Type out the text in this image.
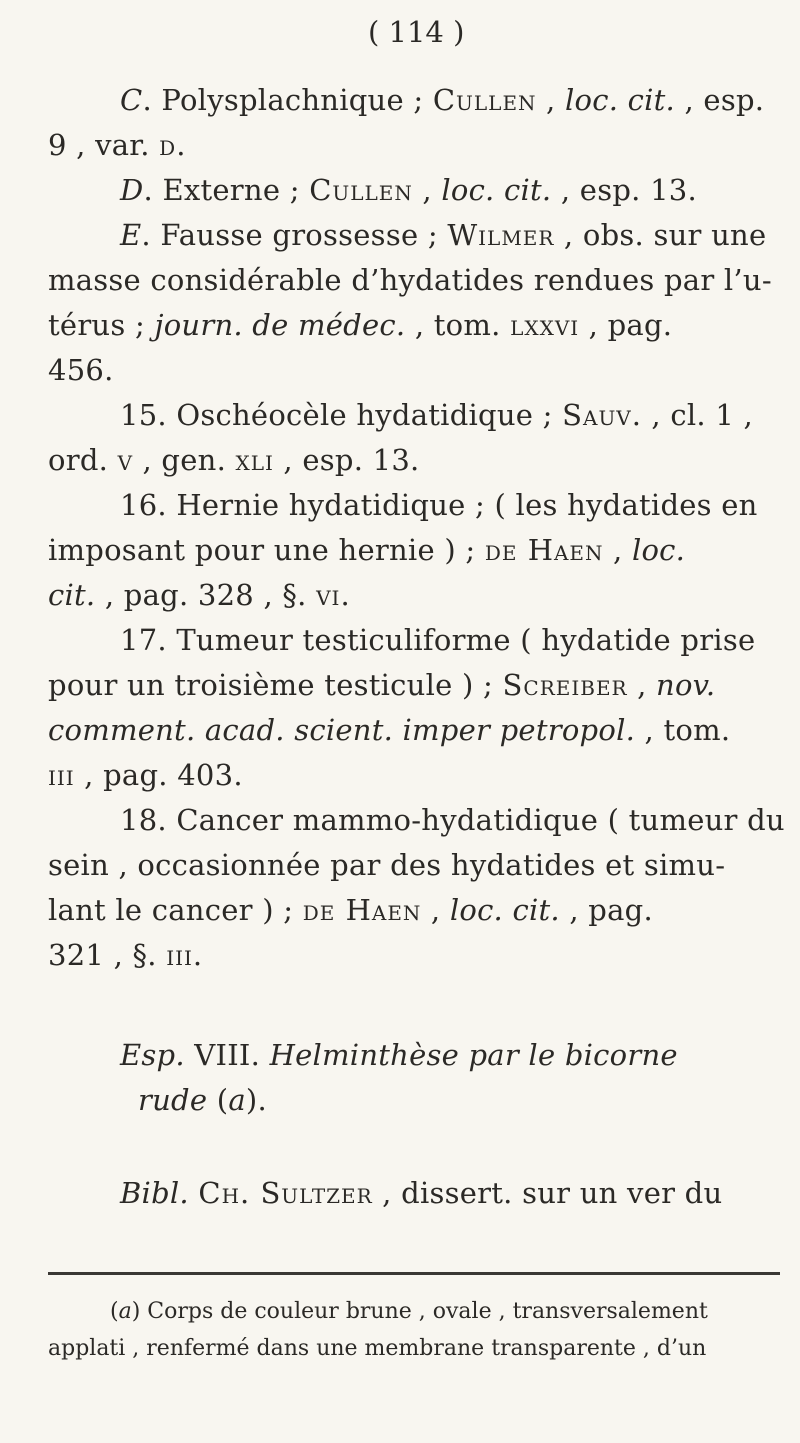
( 114 )
C. Polysplachnique ; Cullen , loc. cit. , esp.
9 , var. d.
D. Externe ; Cullen , loc. cit. , esp. 13.
E. Fausse grossesse ; Wilmer , obs. sur une
masse considérable d’hydatides rendues par l’u-
térus ; journ. de médec. , tom. lxxvi , pag.
456.
15. Oschéocèle hydatidique ; Sauv. , cl. 1 ,
ord. v , gen. xli , esp. 13.
16. Hernie hydatidique ; ( les hydatides en
imposant pour une hernie ) ; de Haen , loc.
cit. , pag. 328 , §. vi.
17. Tumeur testiculiforme ( hydatide prise
pour un troisième testicule ) ; Screiber , nov.
comment. acad. scient. imper petropol. , tom.
iii , pag. 403.
18. Cancer mammo-hydatidique ( tumeur du
sein , occasionnée par des hydatides et simu-
lant le cancer ) ; de Haen , loc. cit. , pag.
321 , §. iii.
Esp. VIII. Helminthèse par le bicorne
rude (a).
Bibl. Ch. Sultzer , dissert. sur un ver du
(a) Corps de couleur brune , ovale , transversalement
applati , renfermé dans une membrane transparente , d’un
